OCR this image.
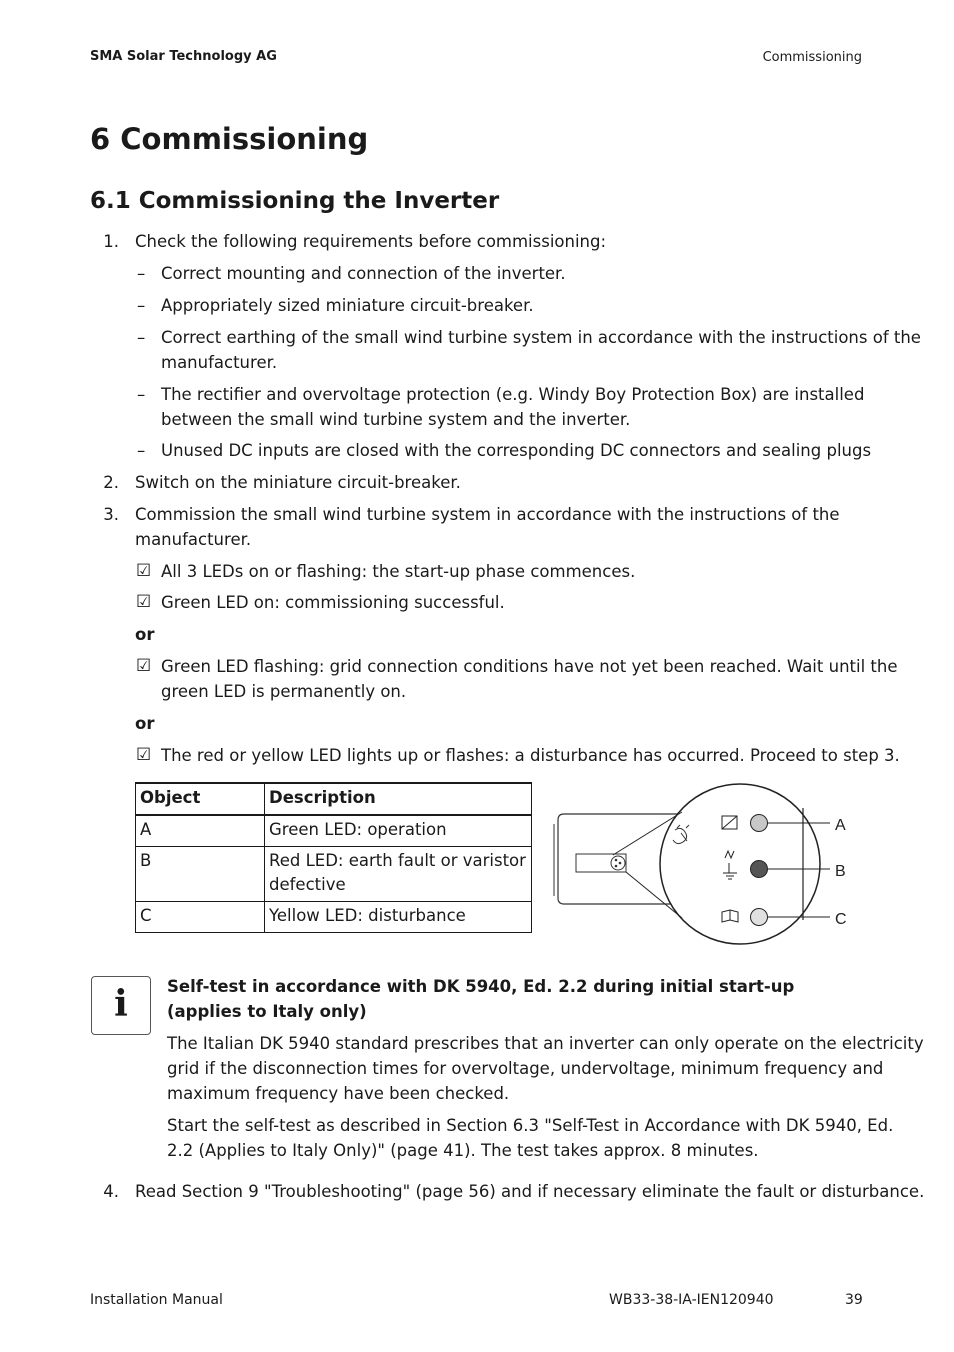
SMA Solar Technology AG	Commissioning
6 Commissioning
6.1 Commissioning the Inverter
1. Check the following requirements before commissioning:
– Correct mounting and connection of the inverter.
– Appropriately sized miniature circuit-breaker.
– Correct earthing of the small wind turbine system in accordance with the instructions of the
manufacturer.
– The rectifier and overvoltage protection (e.g. Windy Boy Protection Box) are installed
between the small wind turbine system and the inverter.
– Unused DC inputs are closed with the corresponding DC connectors and sealing plugs
2. Switch on the miniature circuit-breaker.
3. Commission the small wind turbine system in accordance with the instructions of the
manufacturer.
☑ All 3 LEDs on or flashing: the start-up phase commences.
☑ Green LED on: commissioning successful.
or
☑ Green LED flashing: grid connection conditions have not yet been reached. Wait until the
green LED is permanently on.
or
☑ The red or yellow LED lights up or flashes: a disturbance has occurred. Proceed to step 3.
Object	Description
A	Green LED: operation
B	Red LED: earth fault or varistor
defective
C	Yellow LED: disturbance
A
B
C
i	Self-test in accordance with DK 5940, Ed. 2.2 during initial start-up
(applies to Italy only)
The Italian DK 5940 standard prescribes that an inverter can only operate on the electricity
grid if the disconnection times for overvoltage, undervoltage, minimum frequency and
maximum frequency have been checked.
Start the self-test as described in Section 6.3 "Self-Test in Accordance with DK 5940, Ed.
2.2 (Applies to Italy Only)" (page 41). The test takes approx. 8 minutes.
4. Read Section 9 "Troubleshooting" (page 56) and if necessary eliminate the fault or disturbance.
Installation Manual	WB33-38-IA-IEN120940	39
